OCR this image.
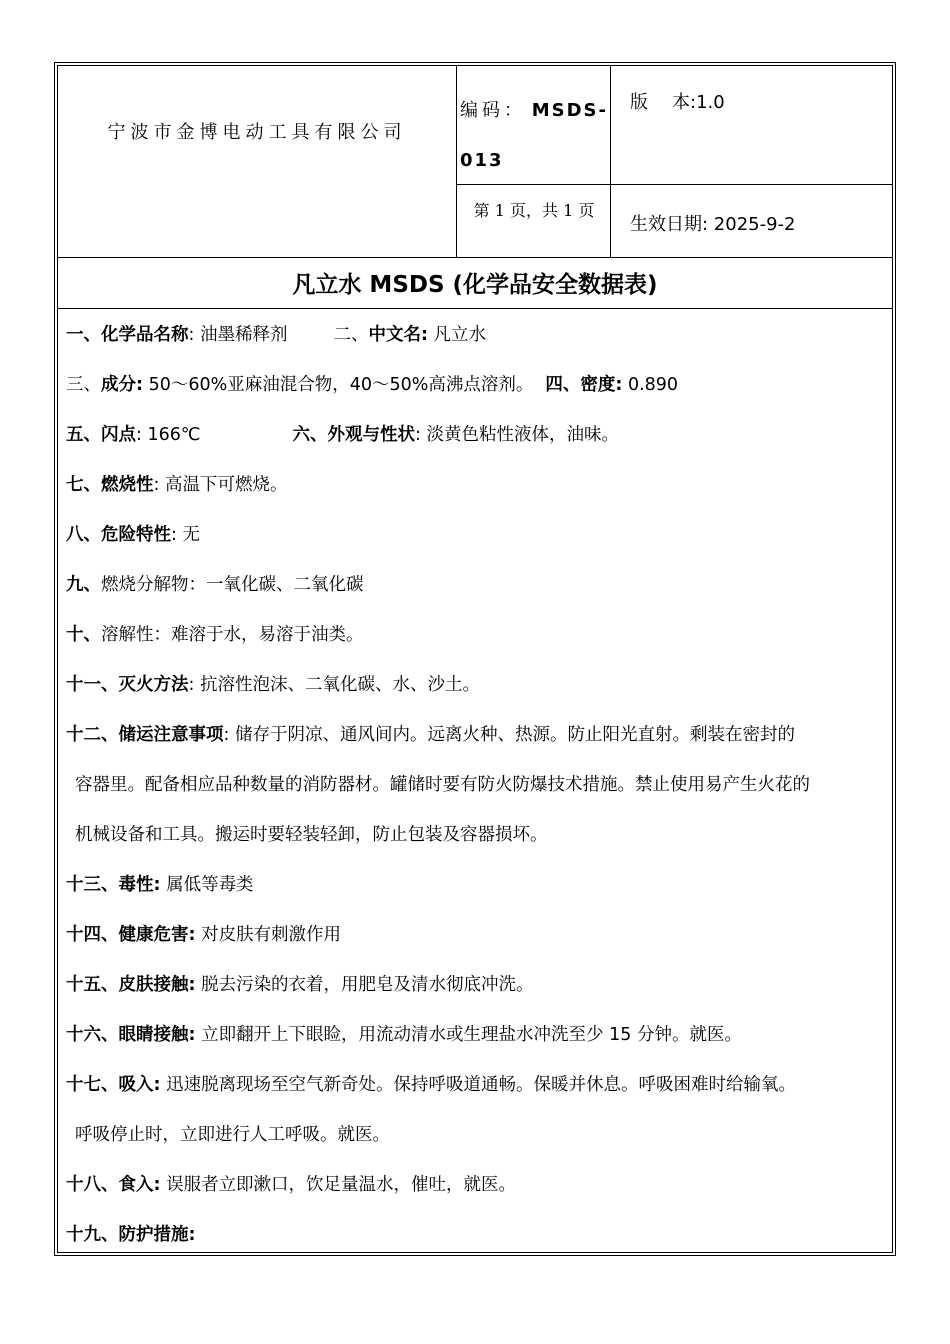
宁波市金博电动工具有限公司
编码： MSDS-
013
版 本:1.0
第 1 页，共 1 页
生效日期: 2025-9-2
凡立水 MSDS (化学品安全数据表)
一、化学品名称: 油墨稀释剂	二、中文名: 凡立水
三、成分: 50～60%亚麻油混合物，40～50%高沸点溶剂。 四、密度: 0.890
五、闪点: 166℃	六、外观与性状: 淡黄色粘性液体，油味。
七、燃烧性: 高温下可燃烧。
八、危险特性: 无
九、燃烧分解物：一氧化碳、二氧化碳
十、溶解性：难溶于水，易溶于油类。
十一、灭火方法: 抗溶性泡沫、二氧化碳、水、沙土。
十二、储运注意事项: 储存于阴凉、通风间内。远离火种、热源。防止阳光直射。剩装在密封的
容器里。配备相应品种数量的消防器材。罐储时要有防火防爆技术措施。禁止使用易产生火花的
机械设备和工具。搬运时要轻装轻卸，防止包装及容器损坏。
十三、毒性: 属低等毒类
十四、健康危害: 对皮肤有刺激作用
十五、皮肤接触: 脱去污染的衣着，用肥皂及清水彻底冲洗。
十六、眼睛接触: 立即翻开上下眼睑，用流动清水或生理盐水冲洗至少 15 分钟。就医。
十七、吸入: 迅速脱离现场至空气新奇处。保持呼吸道通畅。保暖并休息。呼吸困难时给输氧。
呼吸停止时，立即进行人工呼吸。就医。
十八、食入: 误服者立即漱口，饮足量温水，催吐，就医。
十九、防护措施:
